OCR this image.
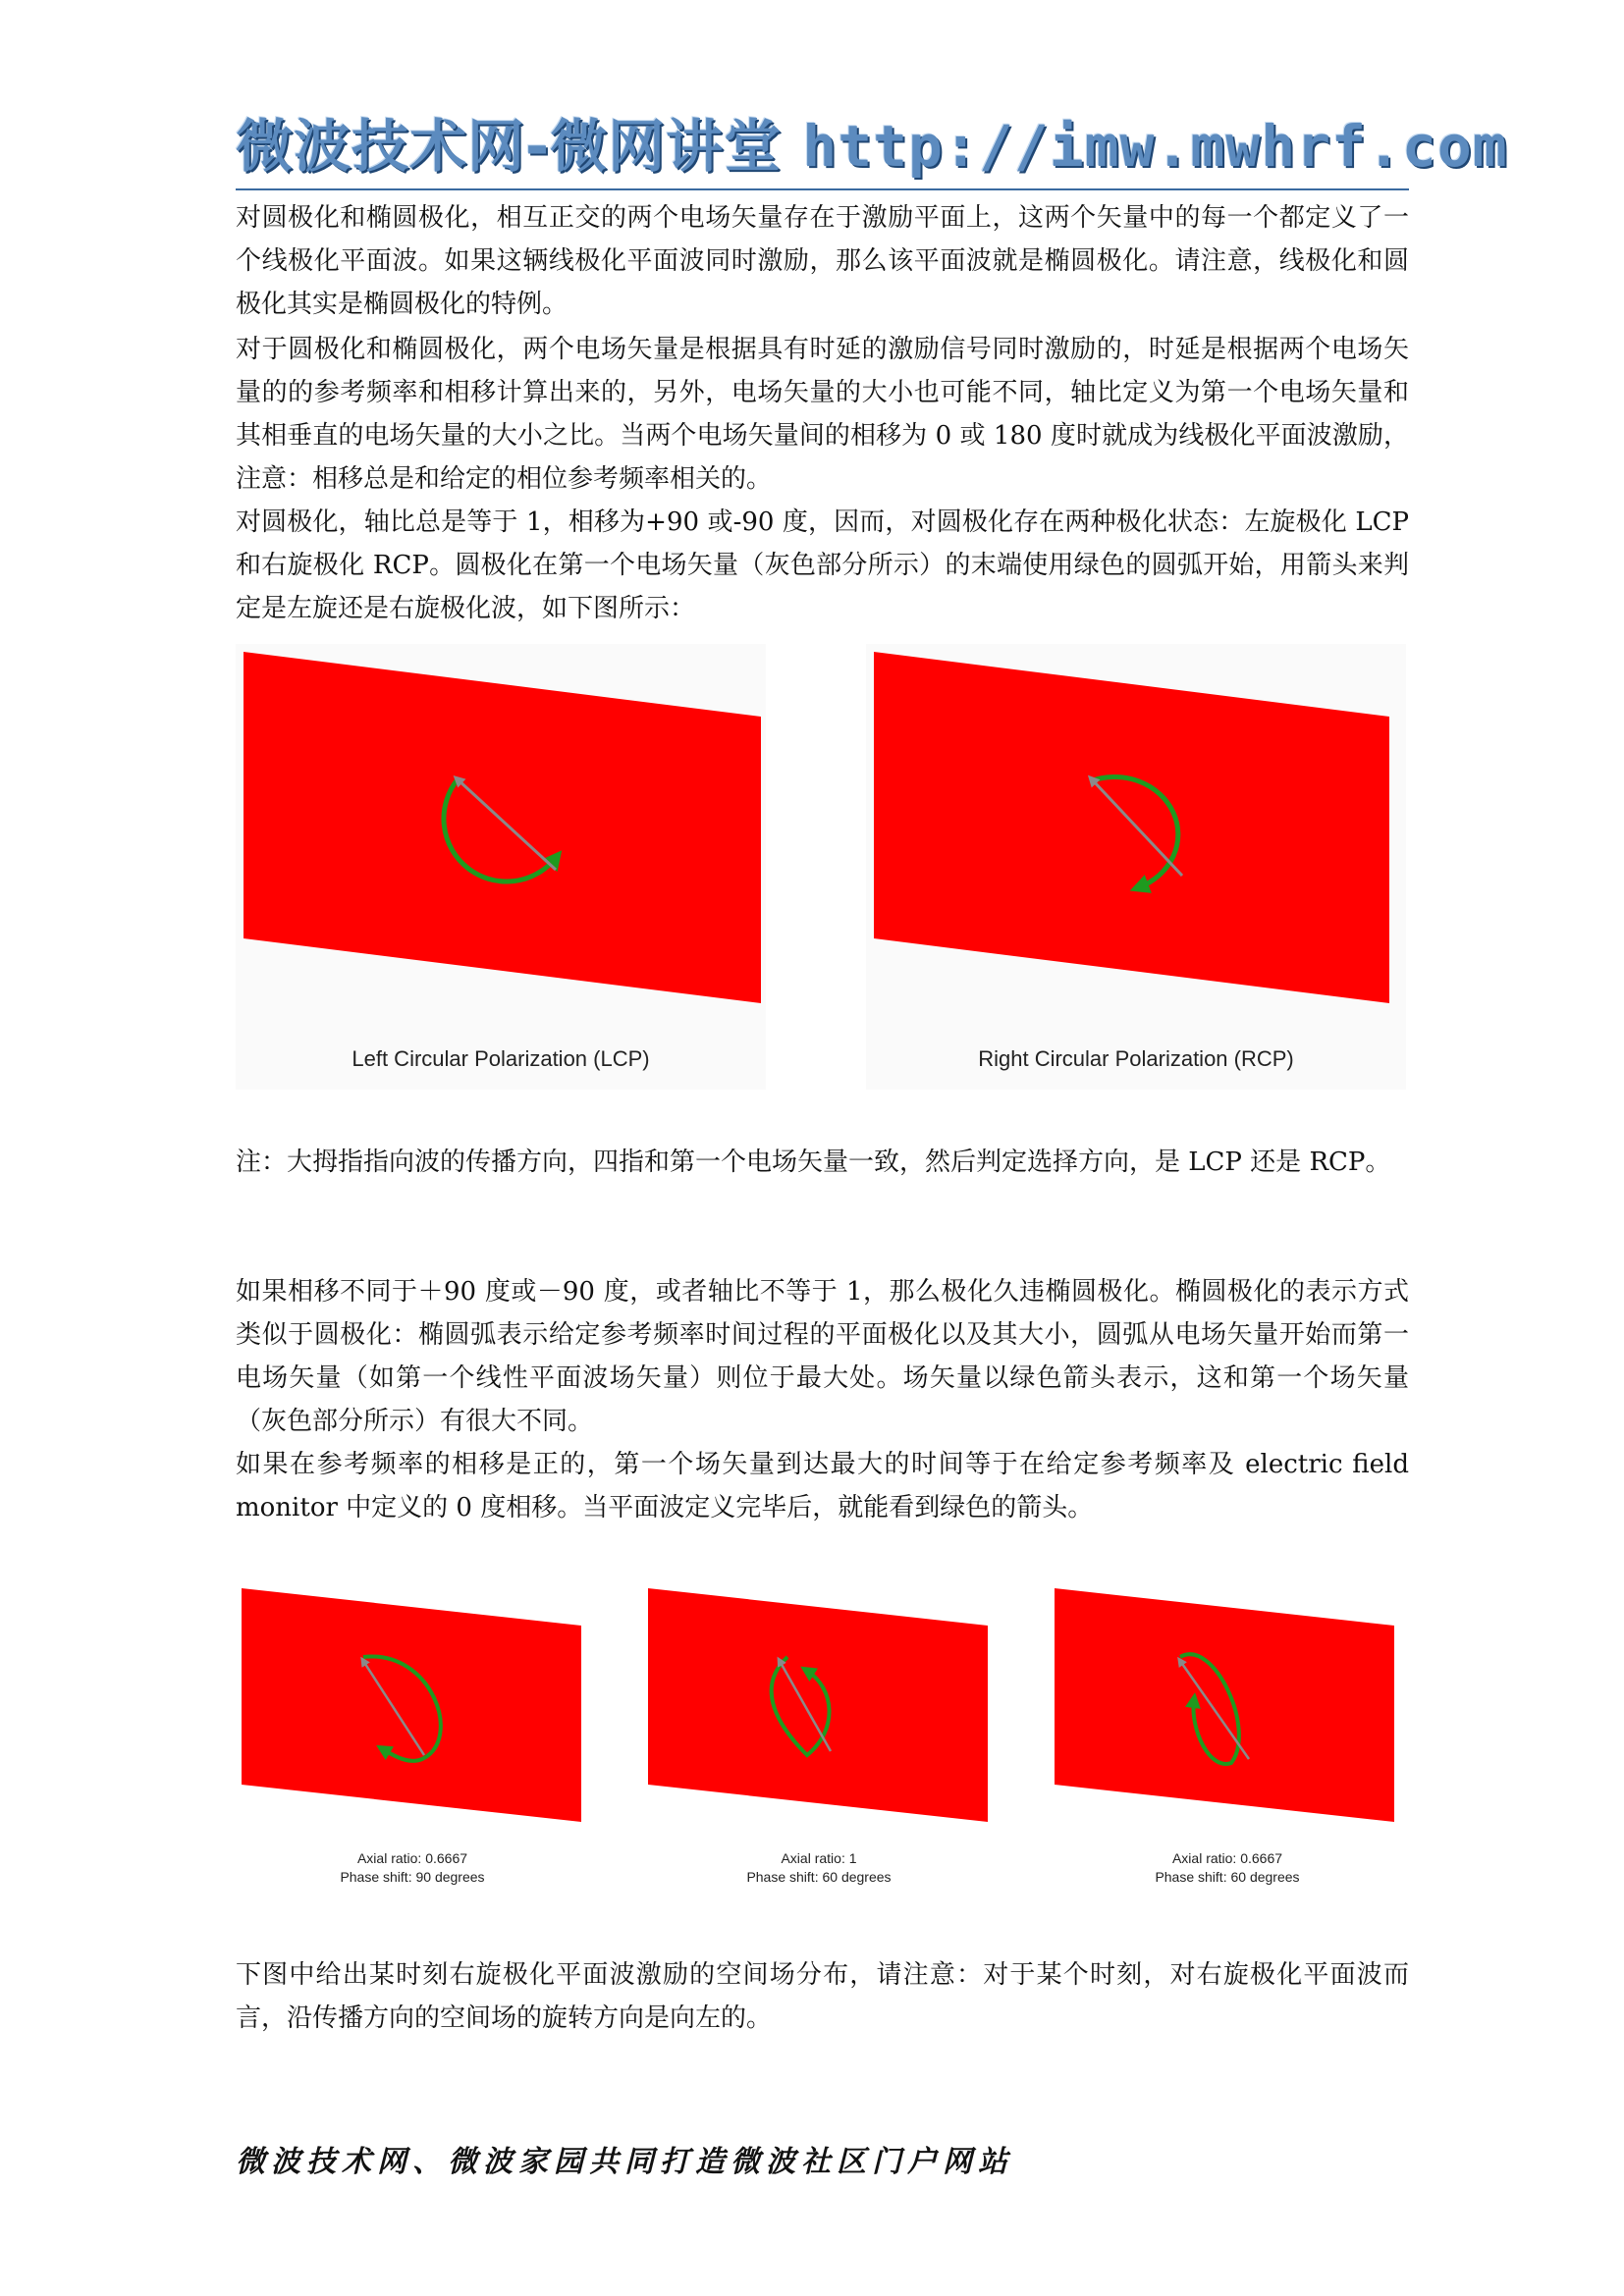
微波技术网-微网讲堂 http://imw.mwhrf.com

对圆极化和椭圆极化，相互正交的两个电场矢量存在于激励平面上，这两个矢量中的每一个都定义了一个线极化平面波。如果这辆线极化平面波同时激励，那么该平面波就是椭圆极化。请注意，线极化和圆极化其实是椭圆极化的特例。

对于圆极化和椭圆极化，两个电场矢量是根据具有时延的激励信号同时激励的，时延是根据两个电场矢量的的参考频率和相移计算出来的，另外，电场矢量的大小也可能不同，轴比定义为第一个电场矢量和其相垂直的电场矢量的大小之比。当两个电场矢量间的相移为 0 或 180 度时就成为线极化平面波激励，注意：相移总是和给定的相位参考频率相关的。

对圆极化，轴比总是等于 1，相移为+90 或-90 度，因而，对圆极化存在两种极化状态：左旋极化 LCP 和右旋极化 RCP。圆极化在第一个电场矢量（灰色部分所示）的末端使用绿色的圆弧开始，用箭头来判定是左旋还是右旋极化波，如下图所示：

Left Circular Polarization (LCP)	Right Circular Polarization (RCP)

注：大拇指指向波的传播方向，四指和第一个电场矢量一致，然后判定选择方向，是 LCP 还是 RCP。

如果相移不同于＋90 度或－90 度，或者轴比不等于 1，那么极化久违椭圆极化。椭圆极化的表示方式类似于圆极化：椭圆弧表示给定参考频率时间过程的平面极化以及其大小，圆弧从电场矢量开始而第一电场矢量（如第一个线性平面波场矢量）则位于最大处。场矢量以绿色箭头表示，这和第一个场矢量（灰色部分所示）有很大不同。

如果在参考频率的相移是正的，第一个场矢量到达最大的时间等于在给定参考频率及 electric field monitor 中定义的 0 度相移。当平面波定义完毕后，就能看到绿色的箭头。

Axial ratio: 0.6667
Phase shift: 90 degrees
Axial ratio: 1
Phase shift: 60 degrees
Axial ratio: 0.6667
Phase shift: 60 degrees

下图中给出某时刻右旋极化平面波激励的空间场分布，请注意：对于某个时刻，对右旋极化平面波而言，沿传播方向的空间场的旋转方向是向左的。

微波技术网、微波家园共同打造微波社区门户网站
